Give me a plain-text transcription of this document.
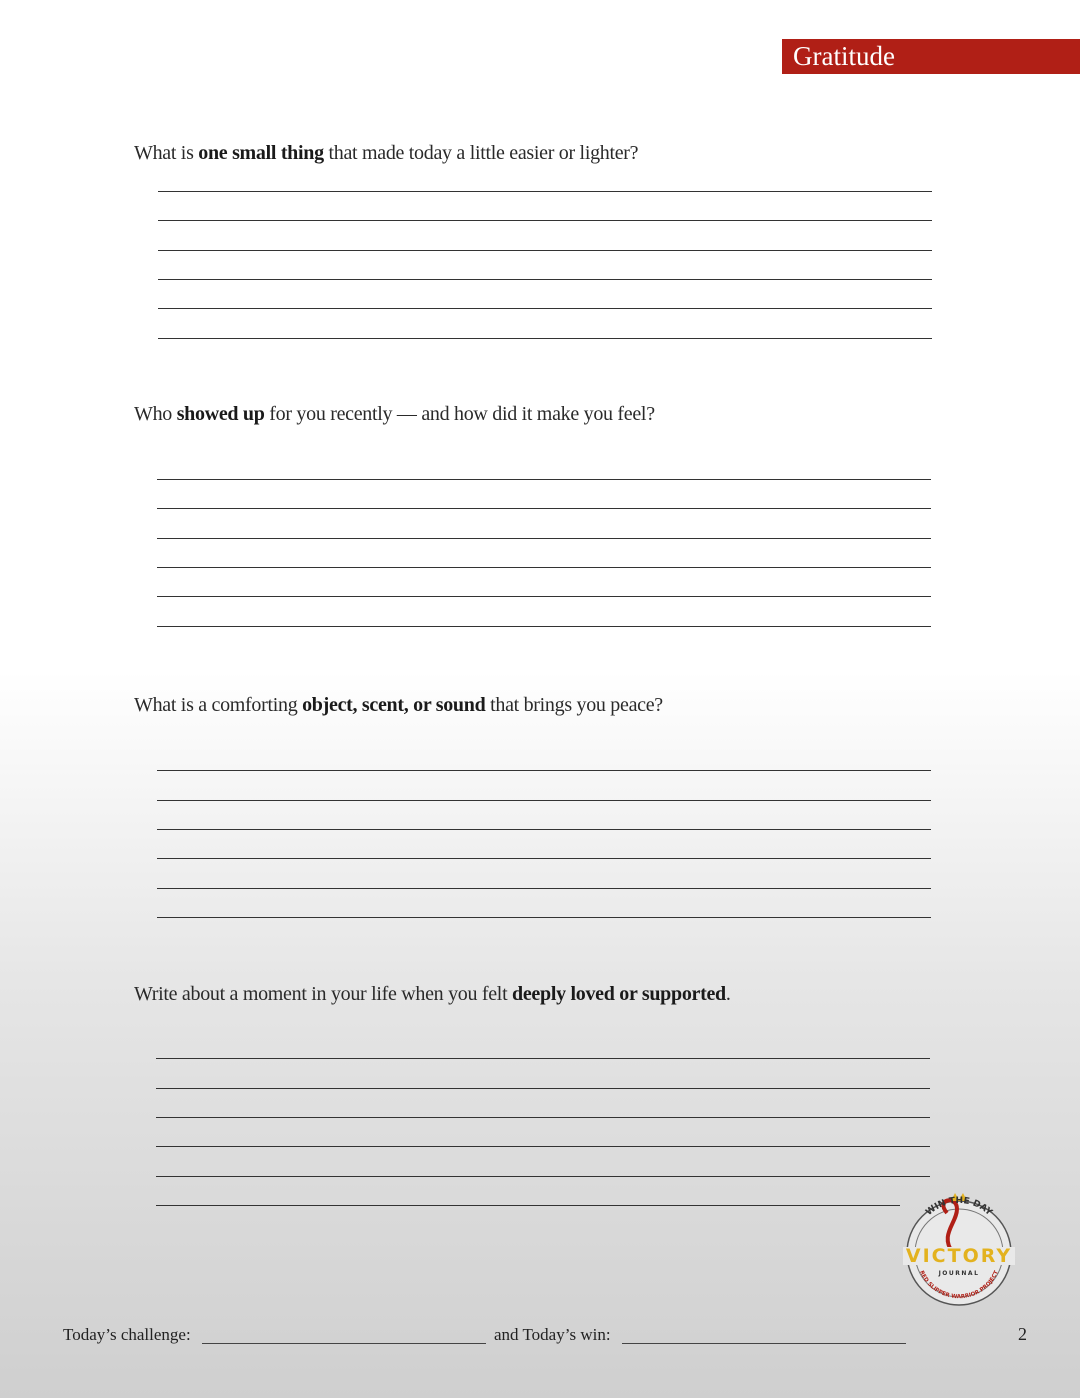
Gratitude
What is one small thing that made today a little easier or lighter?
Who showed up for you recently — and how did it make you feel?
What is a comforting object, scent, or sound that brings you peace?
Write about a moment in your life when you felt deeply loved or supported.
WIN THE DAY
VICTORY
JOURNAL
RED SLIPPER WARRIOR PROJECT
Today’s challenge:	and Today’s win:	2
